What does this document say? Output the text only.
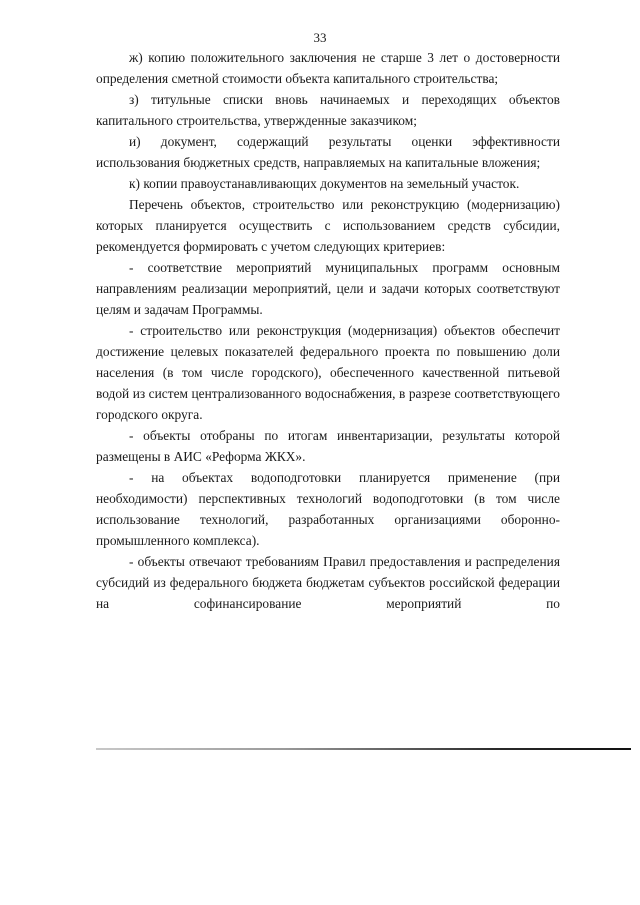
33

ж) копию положительного заключения не старше 3 лет о достоверности определения сметной стоимости объекта капитального строительства;

з) титульные списки вновь начинаемых и переходящих объектов капитального строительства, утвержденные заказчиком;

и) документ, содержащий результаты оценки эффективности использования бюджетных средств, направляемых на капитальные вложения;

к) копии правоустанавливающих документов на земельный участок.

Перечень объектов, строительство или реконструкцию (модернизацию) которых планируется осуществить с использованием средств субсидии, рекомендуется формировать с учетом следующих критериев:

- соответствие мероприятий муниципальных программ основным направлениям реализации мероприятий, цели и задачи которых соответствуют целям и задачам Программы.

- строительство или реконструкция (модернизация) объектов обеспечит достижение целевых показателей федерального проекта по повышению доли населения (в том числе городского), обеспеченного качественной питьевой водой из систем централизованного водоснабжения, в разрезе соответствующего городского округа.

- объекты отобраны по итогам инвентаризации, результаты которой размещены в АИС «Реформа ЖКХ».

- на объектах водоподготовки планируется применение (при необходимости) перспективных технологий водоподготовки (в том числе использование технологий, разработанных организациями оборонно-промышленного комплекса).

- объекты отвечают требованиям Правил предоставления и распределения субсидий из федерального бюджета бюджетам субъектов российской федерации на софинансирование мероприятий по
